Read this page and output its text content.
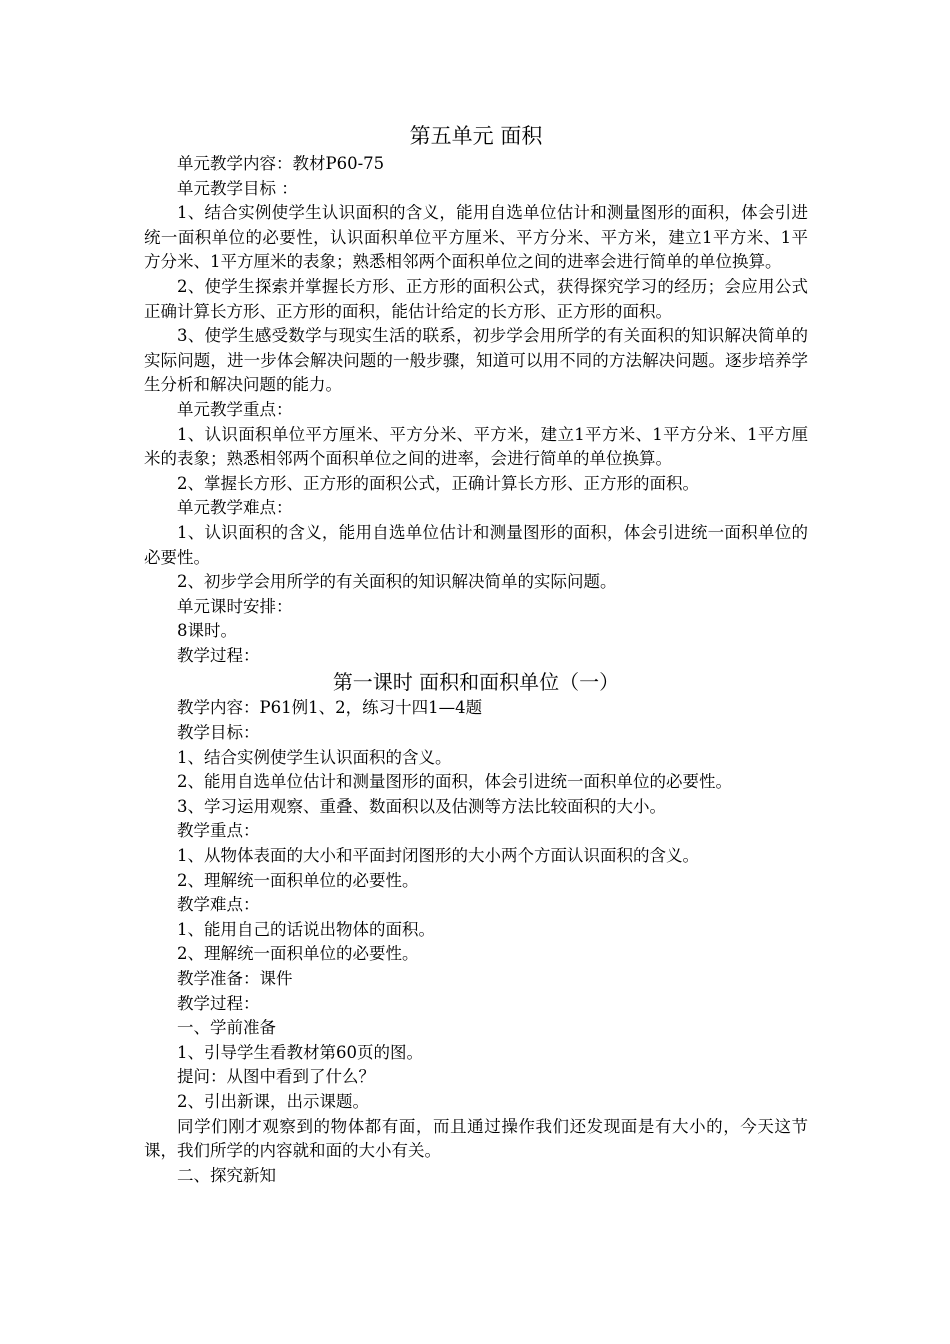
第五单元 面积

单元教学内容：教材P60-75

单元教学目标 ：

1、结合实例使学生认识面积的含义，能用自选单位估计和测量图形的面积，体会引进统一面积单位的必要性，认识面积单位平方厘米、平方分米、平方米，建立1平方米、1平方分米、1平方厘米的表象；熟悉相邻两个面积单位之间的进率会进行简单的单位换算。

2、使学生探索并掌握长方形、正方形的面积公式，获得探究学习的经历；会应用公式正确计算长方形、正方形的面积，能估计给定的长方形、正方形的面积。

3、使学生感受数学与现实生活的联系，初步学会用所学的有关面积的知识解决简单的实际问题，进一步体会解决问题的一般步骤，知道可以用不同的方法解决问题。逐步培养学生分析和解决问题的能力。

单元教学重点：

1、认识面积单位平方厘米、平方分米、平方米，建立1平方米、1平方分米、1平方厘米的表象；熟悉相邻两个面积单位之间的进率，会进行简单的单位换算。

2、掌握长方形、正方形的面积公式，正确计算长方形、正方形的面积。

单元教学难点：

1、认识面积的含义，能用自选单位估计和测量图形的面积，体会引进统一面积单位的必要性。

2、初步学会用所学的有关面积的知识解决简单的实际问题。

单元课时安排：

8课时。

教学过程：

第一课时 面积和面积单位（一）

教学内容：P61例1、2，练习十四1—4题

教学目标：

1、结合实例使学生认识面积的含义。

2、能用自选单位估计和测量图形的面积，体会引进统一面积单位的必要性。

3、学习运用观察、重叠、数面积以及估测等方法比较面积的大小。

教学重点：

1、从物体表面的大小和平面封闭图形的大小两个方面认识面积的含义。

2、理解统一面积单位的必要性。

教学难点：

1、能用自己的话说出物体的面积。

2、理解统一面积单位的必要性。

教学准备：课件

教学过程：

一、学前准备

1、引导学生看教材第60页的图。

提问：从图中看到了什么？

2、引出新课，出示课题。

同学们刚才观察到的物体都有面，而且通过操作我们还发现面是有大小的，今天这节课，我们所学的内容就和面的大小有关。

二、探究新知
